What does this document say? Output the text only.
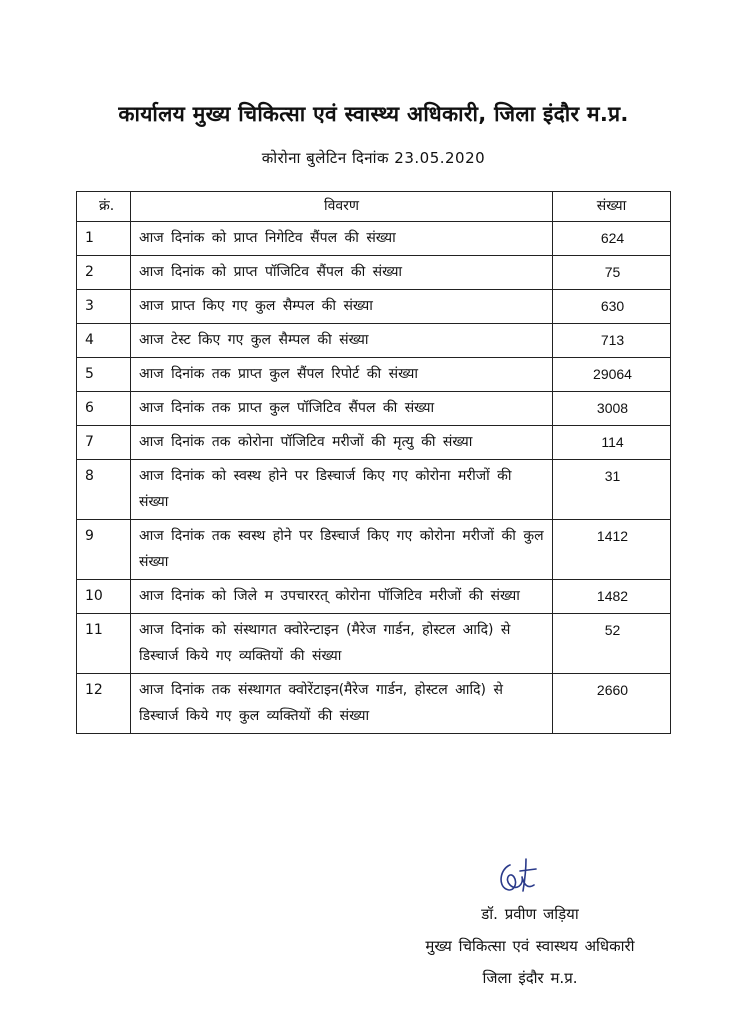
कार्यालय मुख्य चिकित्सा एवं स्वास्थ्य अधिकारी, जिला इंदौर म.प्र.
कोरोना बुलेटिन दिनांक 23.05.2020
क्रं.	विवरण	संख्या
1	आज दिनांक को प्राप्त निगेटिव सैंपल की संख्या	624
2	आज दिनांक को प्राप्त पॉजिटिव सैंपल की संख्या	75
3	आज प्राप्त किए गए कुल सैम्पल की संख्या	630
4	आज टेस्ट किए गए कुल सैम्पल की संख्या	713
5	आज दिनांक तक प्राप्त कुल सैंपल रिपोर्ट की संख्या	29064
6	आज दिनांक तक प्राप्त कुल पॉजिटिव सैंपल की संख्या	3008
7	आज दिनांक तक कोरोना पॉजिटिव मरीजों की मृत्यु की संख्या	114
8	आज दिनांक को स्वस्थ होने पर डिस्चार्ज किए गए कोरोना मरीजों की संख्या	31
9	आज दिनांक तक स्वस्थ होने पर डिस्चार्ज किए गए कोरोना मरीजों की कुल संख्या	1412
10	आज दिनांक को जिले म उपचाररत् कोरोना पॉजिटिव मरीजों की संख्या	1482
11	आज दिनांक को संस्थागत क्वोरेन्टाइन (मैरेज गार्डन, होस्टल आदि) से डिस्चार्ज किये गए व्यक्तियों की संख्या	52
12	आज दिनांक तक संस्थागत क्वोरेंटाइन(मैरेज गार्डन, होस्टल आदि) से डिस्चार्ज किये गए कुल व्यक्तियों की संख्या	2660
डॉ. प्रवीण जड़िया
मुख्य चिकित्सा एवं स्वास्थय अधिकारी
जिला इंदौर म.प्र.
